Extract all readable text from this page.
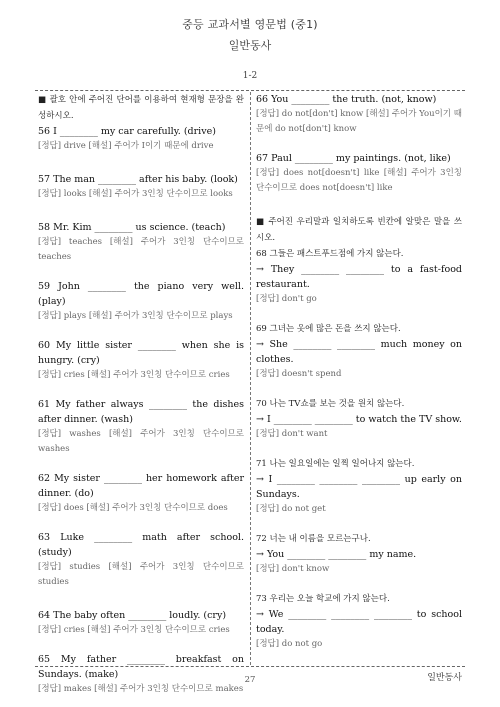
중등 교과서별 영문법 (중1)
일반동사
1-2
■ 괄호 안에 주어진 단어를 이용하여 현재형 문장을 완성하시오.
56 I ________ my car carefully. (drive)
[정답] drive [해설] 주어가 I이기 때문에 drive
57 The man ________ after his baby. (look)
[정답] looks [해설] 주어가 3인칭 단수이므로 looks
58 Mr. Kim ________ us science. (teach)
[정답] teaches [해설] 주어가 3인칭 단수이므로 teaches
59 John ________ the piano very well. (play)
[정답] plays [해설] 주어가 3인칭 단수이므로 plays
60 My little sister ________ when she is hungry. (cry)
[정답] cries [해설] 주어가 3인칭 단수이므로 cries
61 My father always ________ the dishes after dinner. (wash)
[정답] washes [해설] 주어가 3인칭 단수이므로 washes
62 My sister ________ her homework after dinner. (do)
[정답] does [해설] 주어가 3인칭 단수이므로 does
63 Luke ________ math after school. (study)
[정답] studies [해설] 주어가 3인칭 단수이므로 studies
64 The baby often ________ loudly. (cry)
[정답] cries [해설] 주어가 3인칭 단수이므로 cries
65 My father ________ breakfast on Sundays. (make)
[정답] makes [해설] 주어가 3인칭 단수이므로 makes
66 You ________ the truth. (not, know)
[정답] do not[don't] know [해설] 주어가 You이기 때문에 do not[don't] know
67 Paul ________ my paintings. (not, like)
[정답] does not[doesn't] like [해설] 주어가 3인칭 단수이므로 does not[doesn't] like
■ 주어진 우리말과 일치하도록 빈칸에 알맞은 말을 쓰시오.
68 그들은 패스트푸드점에 가지 않는다.
→ They ________ ________ to a fast-food restaurant.
[정답] don't go
69 그녀는 옷에 많은 돈을 쓰지 않는다.
→ She ________ ________ much money on clothes.
[정답] doesn't spend
70 나는 TV쇼를 보는 것을 원치 않는다.
→ I ________ ________ to watch the TV show.
[정답] don't want
71 나는 일요일에는 일찍 일어나지 않는다.
→ I ________ ________ ________ up early on Sundays.
[정답] do not get
72 너는 내 이름을 모르는구나.
→ You ________ ________ my name.
[정답] don't know
73 우리는 오늘 학교에 가지 않는다.
→ We ________ ________ ________ to school today.
[정답] do not go
27	일반동사
